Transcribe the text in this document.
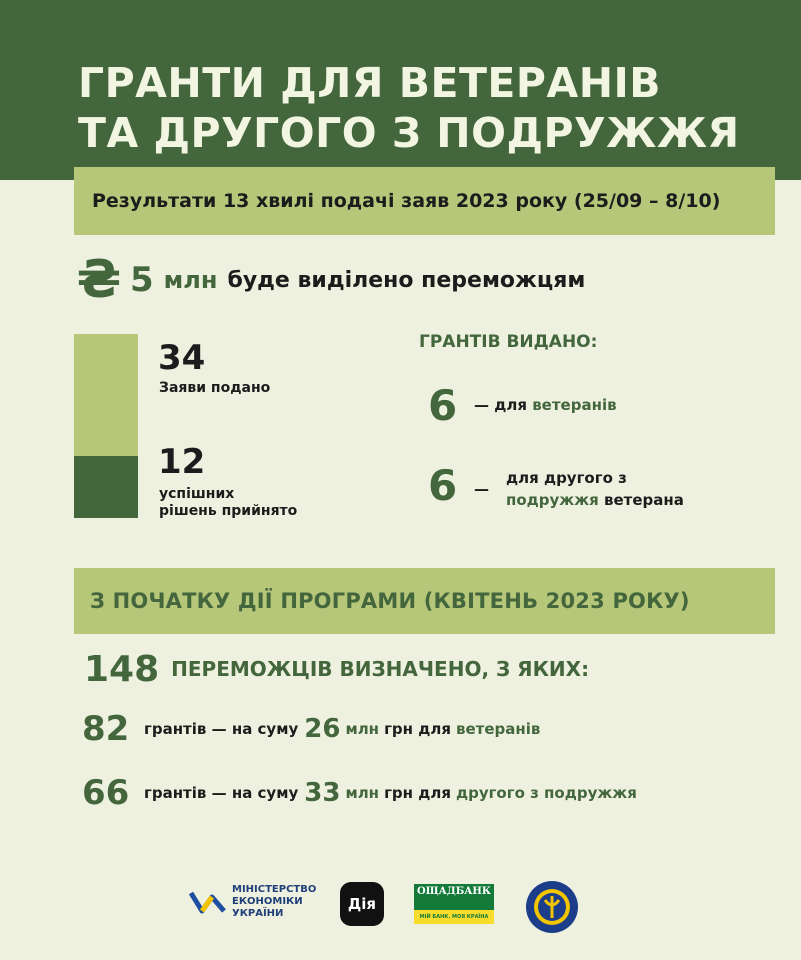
ГРАНТИ ДЛЯ ВЕТЕРАНІВ
ТА ДРУГОГО З ПОДРУЖЖЯ
Результати 13 хвилі подачі заяв 2023 року (25/09 – 8/10)
₴ 5 млн буде виділено переможцям
34
Заяви подано
12
успішних
рішень прийнято
ГРАНТІВ ВИДАНО:
6 — для ветеранів
6 —
для другого з
подружжя ветерана
З ПОЧАТКУ ДІЇ ПРОГРАМИ (КВІТЕНЬ 2023 РОКУ)
148 ПЕРЕМОЖЦІВ ВИЗНАЧЕНО, З ЯКИХ:
82 грантів — на суму 26 млн грн для ветеранів
66 грантів — на суму 33 млн грн для другого з подружжя
МІНІСТЕРСТВО
ЕКОНОМІКИ
УКРАЇНИ
Дія
ОЩАДБАНК
МІЙ БАНК. МОЯ КРАЇНА
